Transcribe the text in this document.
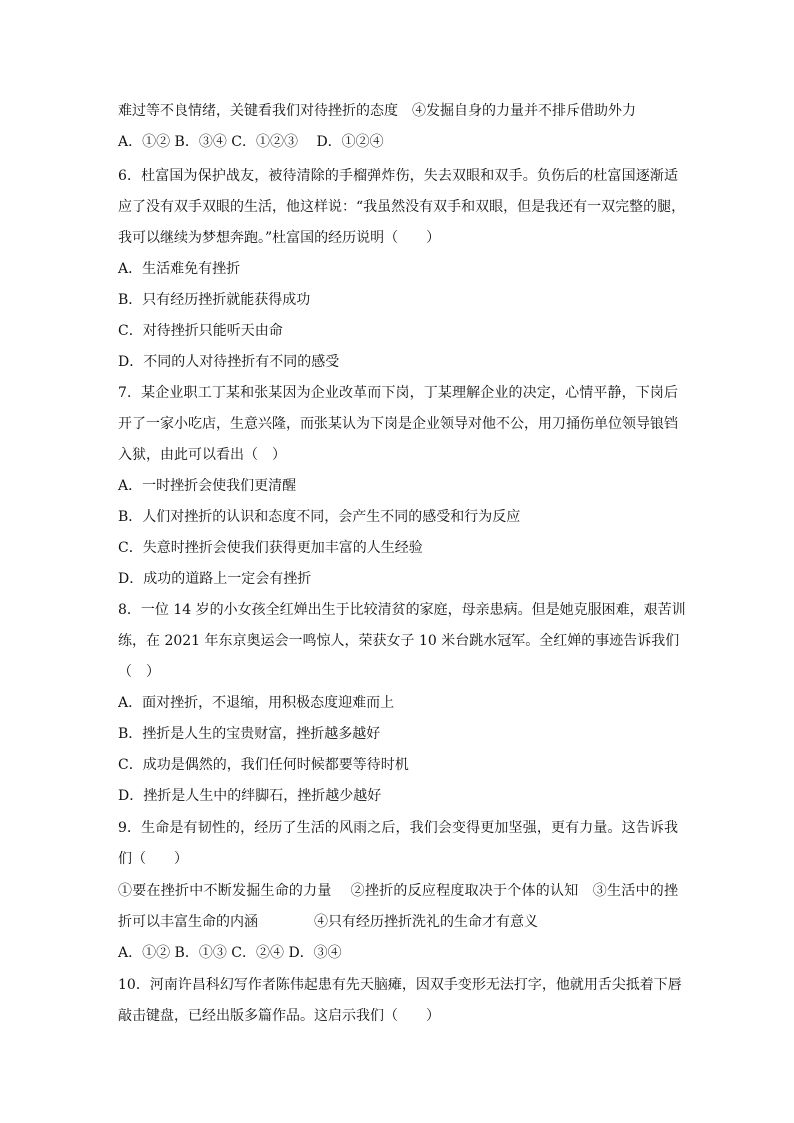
难过等不良情绪，关键看我们对待挫折的态度　④发掘自身的力量并不排斥借助外力
A．①② B．③④ C．①②③　 D．①②④
6．杜富国为保护战友，被待清除的手榴弹炸伤，失去双眼和双手。负伤后的杜富国逐渐适
应了没有双手双眼的生活，他这样说：“我虽然没有双手和双眼，但是我还有一双完整的腿，
我可以继续为梦想奔跑。”杜富国的经历说明（　　）
A．生活难免有挫折
B．只有经历挫折就能获得成功
C．对待挫折只能听天由命
D．不同的人对待挫折有不同的感受
7．某企业职工丁某和张某因为企业改革而下岗，丁某理解企业的决定，心情平静，下岗后
开了一家小吃店，生意兴隆，而张某认为下岗是企业领导对他不公，用刀捅伤单位领导锒铛
入狱，由此可以看出（　）
A．一时挫折会使我们更清醒
B．人们对挫折的认识和态度不同，会产生不同的感受和行为反应
C．失意时挫折会使我们获得更加丰富的人生经验
D．成功的道路上一定会有挫折
8．一位 14 岁的小女孩全红婵出生于比较清贫的家庭，母亲患病。但是她克服困难，艰苦训
练，在 2021 年东京奥运会一鸣惊人，荣获女子 10 米台跳水冠军。全红婵的事迹告诉我们
（　）
A．面对挫折，不退缩，用积极态度迎难而上
B．挫折是人生的宝贵财富，挫折越多越好
C．成功是偶然的，我们任何时候都要等待时机
D．挫折是人生中的绊脚石，挫折越少越好
9．生命是有韧性的，经历了生活的风雨之后，我们会变得更加坚强，更有力量。这告诉我
们（　　）
①要在挫折中不断发掘生命的力量　 ②挫折的反应程度取决于个体的认知　③生活中的挫
折可以丰富生命的内涵　　　　④只有经历挫折洗礼的生命才有意义
A．①② B．①③ C．②④ D．③④
10．河南许昌科幻写作者陈伟起患有先天脑瘫，因双手变形无法打字，他就用舌尖抵着下唇
敲击键盘，已经出版多篇作品。这启示我们（　　）
